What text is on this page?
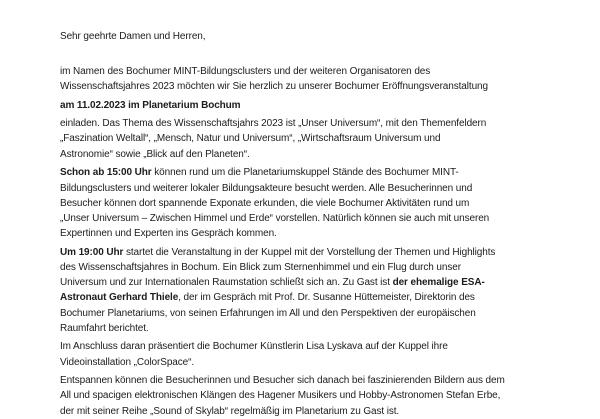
Sehr geehrte Damen und Herren,
im Namen des Bochumer MINT-Bildungsclusters und der weiteren Organisatoren des
Wissenschaftsjahres 2023 möchten wir Sie herzlich zu unserer Bochumer Eröffnungsveranstaltung
am 11.02.2023 im Planetarium Bochum
einladen. Das Thema des Wissenschaftsjahrs 2023 ist „Unser Universum“, mit den Themenfeldern
„Faszination Weltall“, „Mensch, Natur und Universum“, „Wirtschaftsraum Universum und
Astronomie“ sowie „Blick auf den Planeten“.
Schon ab 15:00 Uhr können rund um die Planetariumskuppel Stände des Bochumer MINT-
Bildungsclusters und weiterer lokaler Bildungsakteure besucht werden. Alle Besucherinnen und
Besucher können dort spannende Exponate erkunden, die viele Bochumer Aktivitäten rund um
„Unser Universum – Zwischen Himmel und Erde“ vorstellen. Natürlich können sie auch mit unseren
Expertinnen und Experten ins Gespräch kommen.
Um 19:00 Uhr startet die Veranstaltung in der Kuppel mit der Vorstellung der Themen und Highlights
des Wissenschaftsjahres in Bochum. Ein Blick zum Sternenhimmel und ein Flug durch unser
Universum und zur Internationalen Raumstation schließt sich an. Zu Gast ist der ehemalige ESA-
Astronaut Gerhard Thiele, der im Gespräch mit Prof. Dr. Susanne Hüttemeister, Direktorin des
Bochumer Planetariums, von seinen Erfahrungen im All und den Perspektiven der europäischen
Raumfahrt berichtet.
Im Anschluss daran präsentiert die Bochumer Künstlerin Lisa Lyskava auf der Kuppel ihre
Videoinstallation „ColorSpace“.
Entspannen können die Besucherinnen und Besucher sich danach bei faszinierenden Bildern aus dem
All und spacigen elektronischen Klängen des Hagener Musikers und Hobby-Astronomen Stefan Erbe,
der mit seiner Reihe „Sound of Skylab“ regelmäßig im Planetarium zu Gast ist.
